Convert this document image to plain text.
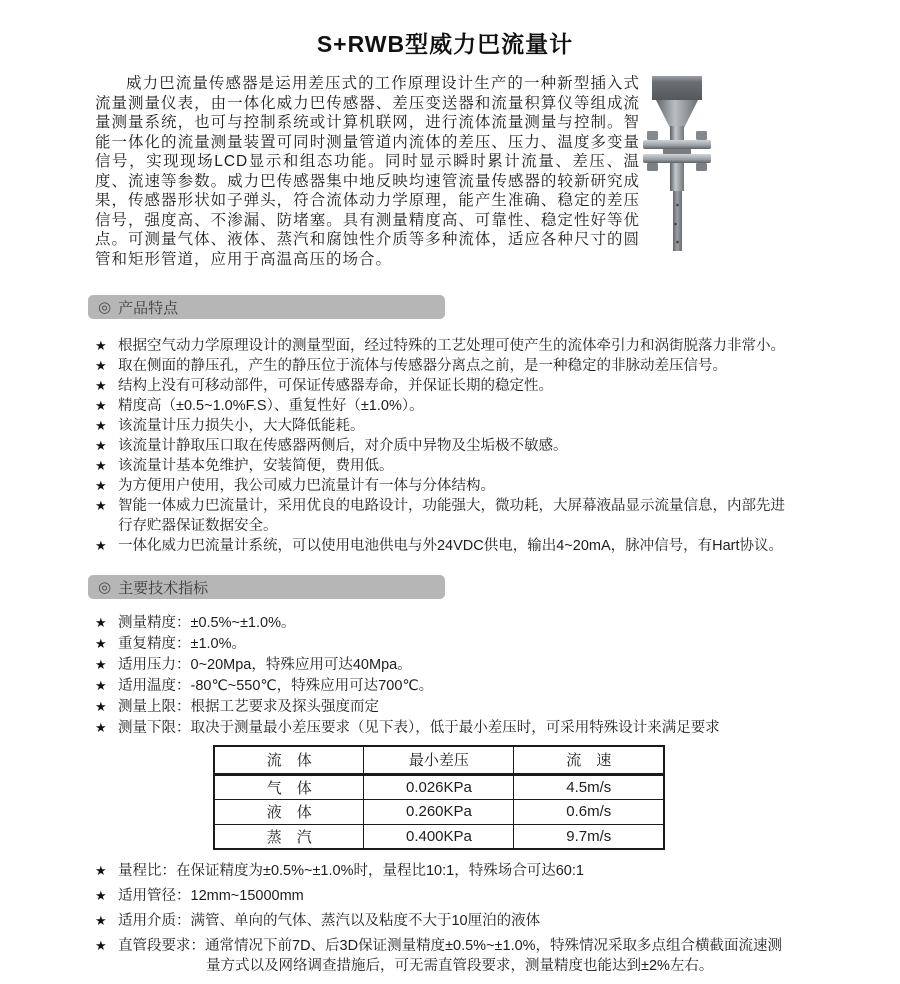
S+RWB型威力巴流量计

威力巴流量传感器是运用差压式的工作原理设计生产的一种新型插入式流量测量仪表，由一体化威力巴传感器、差压变送器和流量积算仪等组成流量测量系统，也可与控制系统或计算机联网，进行流体流量测量与控制。智能一体化的流量测量装置可同时测量管道内流体的差压、压力、温度多变量信号，实现现场LCD显示和组态功能。同时显示瞬时累计流量、差压、温度、流速等参数。威力巴传感器集中地反映均速管流量传感器的较新研究成果，传感器形状如子弹头，符合流体动力学原理，能产生准确、稳定的差压信号，强度高、不渗漏、防堵塞。具有测量精度高、可靠性、稳定性好等优点。可测量气体、液体、蒸汽和腐蚀性介质等多种流体，适应各种尺寸的圆管和矩形管道，应用于高温高压的场合。

◎ 产品特点
★ 根据空气动力学原理设计的测量型面，经过特殊的工艺处理可使产生的流体牵引力和涡街脱落力非常小。
★ 取在侧面的静压孔，产生的静压位于流体与传感器分离点之前，是一种稳定的非脉动差压信号。
★ 结构上没有可移动部件，可保证传感器寿命，并保证长期的稳定性。
★ 精度高（±0.5~1.0%F.S）、重复性好（±1.0%）。
★ 该流量计压力损失小，大大降低能耗。
★ 该流量计静取压口取在传感器两侧后，对介质中异物及尘垢极不敏感。
★ 该流量计基本免维护，安装简便，费用低。
★ 为方便用户使用，我公司威力巴流量计有一体与分体结构。
★ 智能一体威力巴流量计，采用优良的电路设计，功能强大，微功耗，大屏幕液晶显示流量信息，内部先进行存贮器保证数据安全。
★ 一体化威力巴流量计系统，可以使用电池供电与外24VDC供电，输出4~20mA，脉冲信号，有Hart协议。
◎ 主要技术指标
★ 测量精度：±0.5%~±1.0%。
★ 重复精度：±1.0%。
★ 适用压力：0~20Mpa，特殊应用可达40Mpa。
★ 适用温度：-80℃~550℃，特殊应用可达700℃。
★ 测量上限：根据工艺要求及探头强度而定
★ 测量下限：取决于测量最小差压要求（见下表），低于最小差压时，可采用特殊设计来满足要求
流　体	最小差压	流　速
气　体	0.026KPa	4.5m/s
液　体	0.260KPa	0.6m/s
蒸　汽	0.400KPa	9.7m/s
★ 量程比：在保证精度为±0.5%~±1.0%时，量程比10:1，特殊场合可达60:1
★ 适用管径：12mm~15000mm
★ 适用介质：满管、单向的气体、蒸汽以及粘度不大于10厘泊的液体
★ 直管段要求：通常情况下前7D、后3D保证测量精度±0.5%~±1.0%，特殊情况采取多点组合横截面流速测量方式以及网络调查措施后，可无需直管段要求，测量精度也能达到±2%左右。
